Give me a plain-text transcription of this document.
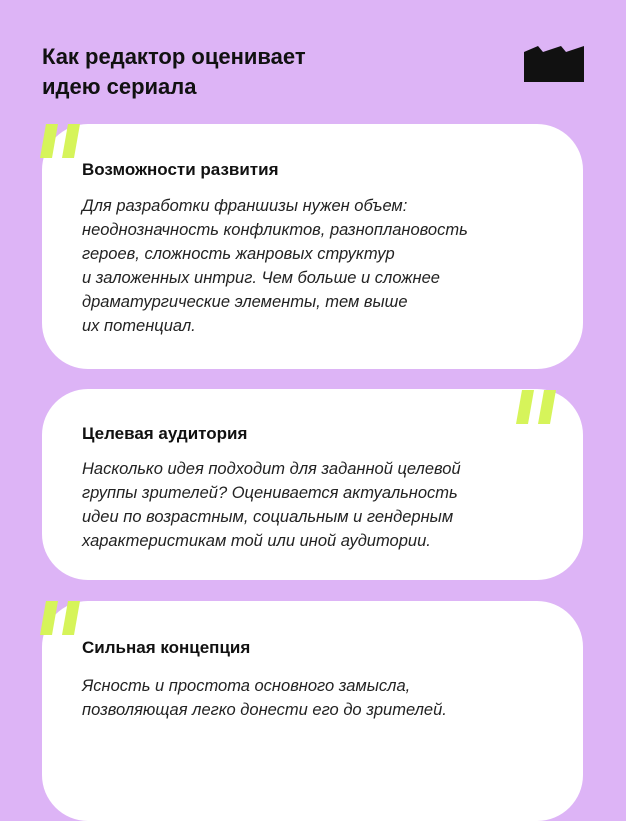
Как редактор оценивает
идею сериала
Возможности развития

Для разработки франшизы нужен объем:
неоднозначность конфликтов, разноплановость
героев, сложность жанровых структур
и заложенных интриг. Чем больше и сложнее
драматургические элементы, тем выше
их потенциал.

Целевая аудитория

Насколько идея подходит для заданной целевой
группы зрителей? Оценивается актуальность
идеи по возрастным, социальным и гендерным
характеристикам той или иной аудитории.

Сильная концепция

Ясность и простота основного замысла,
позволяющая легко донести его до зрителей.
